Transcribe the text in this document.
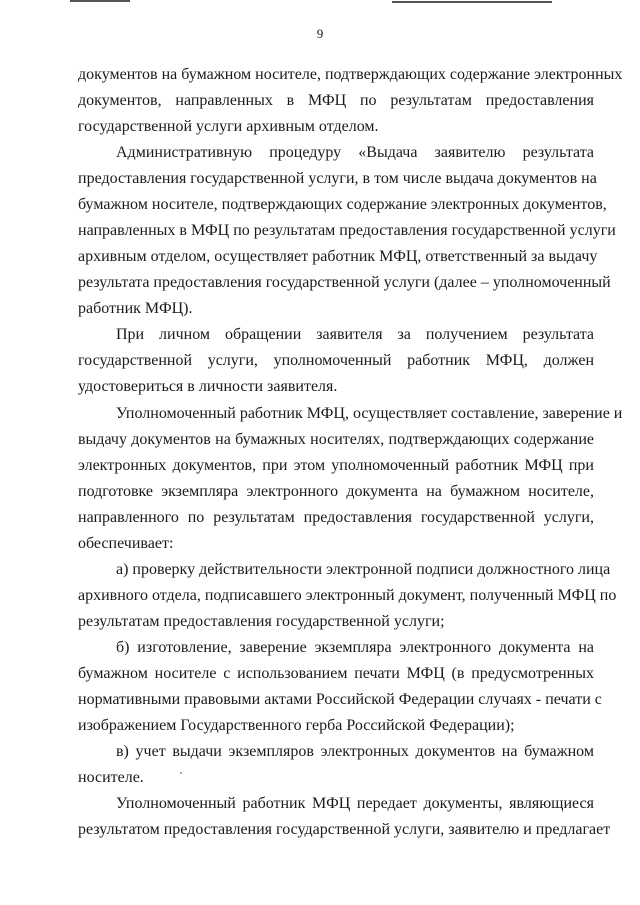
9
документов на бумажном носителе, подтверждающих содержание электронных
документов, направленных в МФЦ по результатам предоставления
государственной услуги архивным отделом.
Административную процедуру «Выдача заявителю результата
предоставления государственной услуги, в том числе выдача документов на
бумажном носителе, подтверждающих содержание электронных документов,
направленных в МФЦ по результатам предоставления государственной услуги
архивным отделом, осуществляет работник МФЦ, ответственный за выдачу
результата предоставления государственной услуги (далее – уполномоченный
работник МФЦ).
При личном обращении заявителя за получением результата
государственной услуги, уполномоченный работник МФЦ, должен
удостовериться в личности заявителя.
Уполномоченный работник МФЦ, осуществляет составление, заверение и
выдачу документов на бумажных носителях, подтверждающих содержание
электронных документов, при этом уполномоченный работник МФЦ при
подготовке экземпляра электронного документа на бумажном носителе,
направленного по результатам предоставления государственной услуги,
обеспечивает:
а) проверку действительности электронной подписи должностного лица
архивного отдела, подписавшего электронный документ, полученный МФЦ по
результатам предоставления государственной услуги;
б) изготовление, заверение экземпляра электронного документа на
бумажном носителе с использованием печати МФЦ (в предусмотренных
нормативными правовыми актами Российской Федерации случаях - печати с
изображением Государственного герба Российской Федерации);
в) учет выдачи экземпляров электронных документов на бумажном
носителе.
Уполномоченный работник МФЦ передает документы, являющиеся
результатом предоставления государственной услуги, заявителю и предлагает
